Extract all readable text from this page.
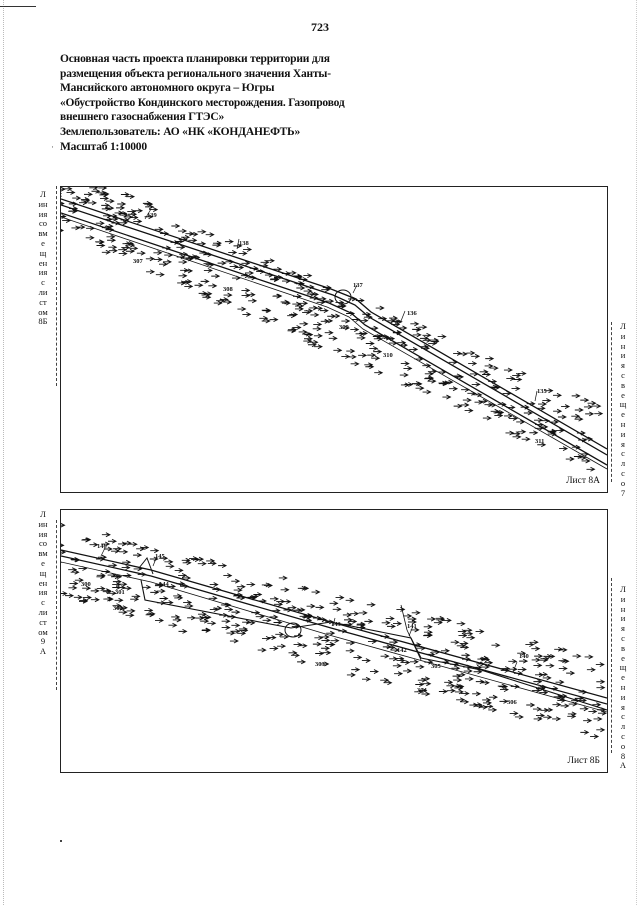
723
Основная часть проекта планировки территории для
размещения объекта регионального значения Ханты-
Мансийского автономного округа – Югры
«Обустройство Кондинского месторождения. Газопровод
внешнего газоснабжения ГТЭС»
Землепользователь: АО «НК «КОНДАНЕФТЬ»
Масштаб 1:10000
·
Л
ин
ия
со
вм
е
щ
ен
ия
с
ли
ст
ом
8Б	Л
и
н
и
я
с
в
е
щ
е
н
и
я
с
л
с
о
7
139
138
307
308
137
309
136
310
135
311
Лист 8А
Л
ин
ия
со
вм
е
щ
ен
ия
с
ли
ст
ом
9
А
Л
и
н
и
я
с
в
е
щ
е
н
и
я
с
л
с
о
8
А
146
145
300
301
144
302
143
303
141
142
305
304
140
306
Лист 8Б
